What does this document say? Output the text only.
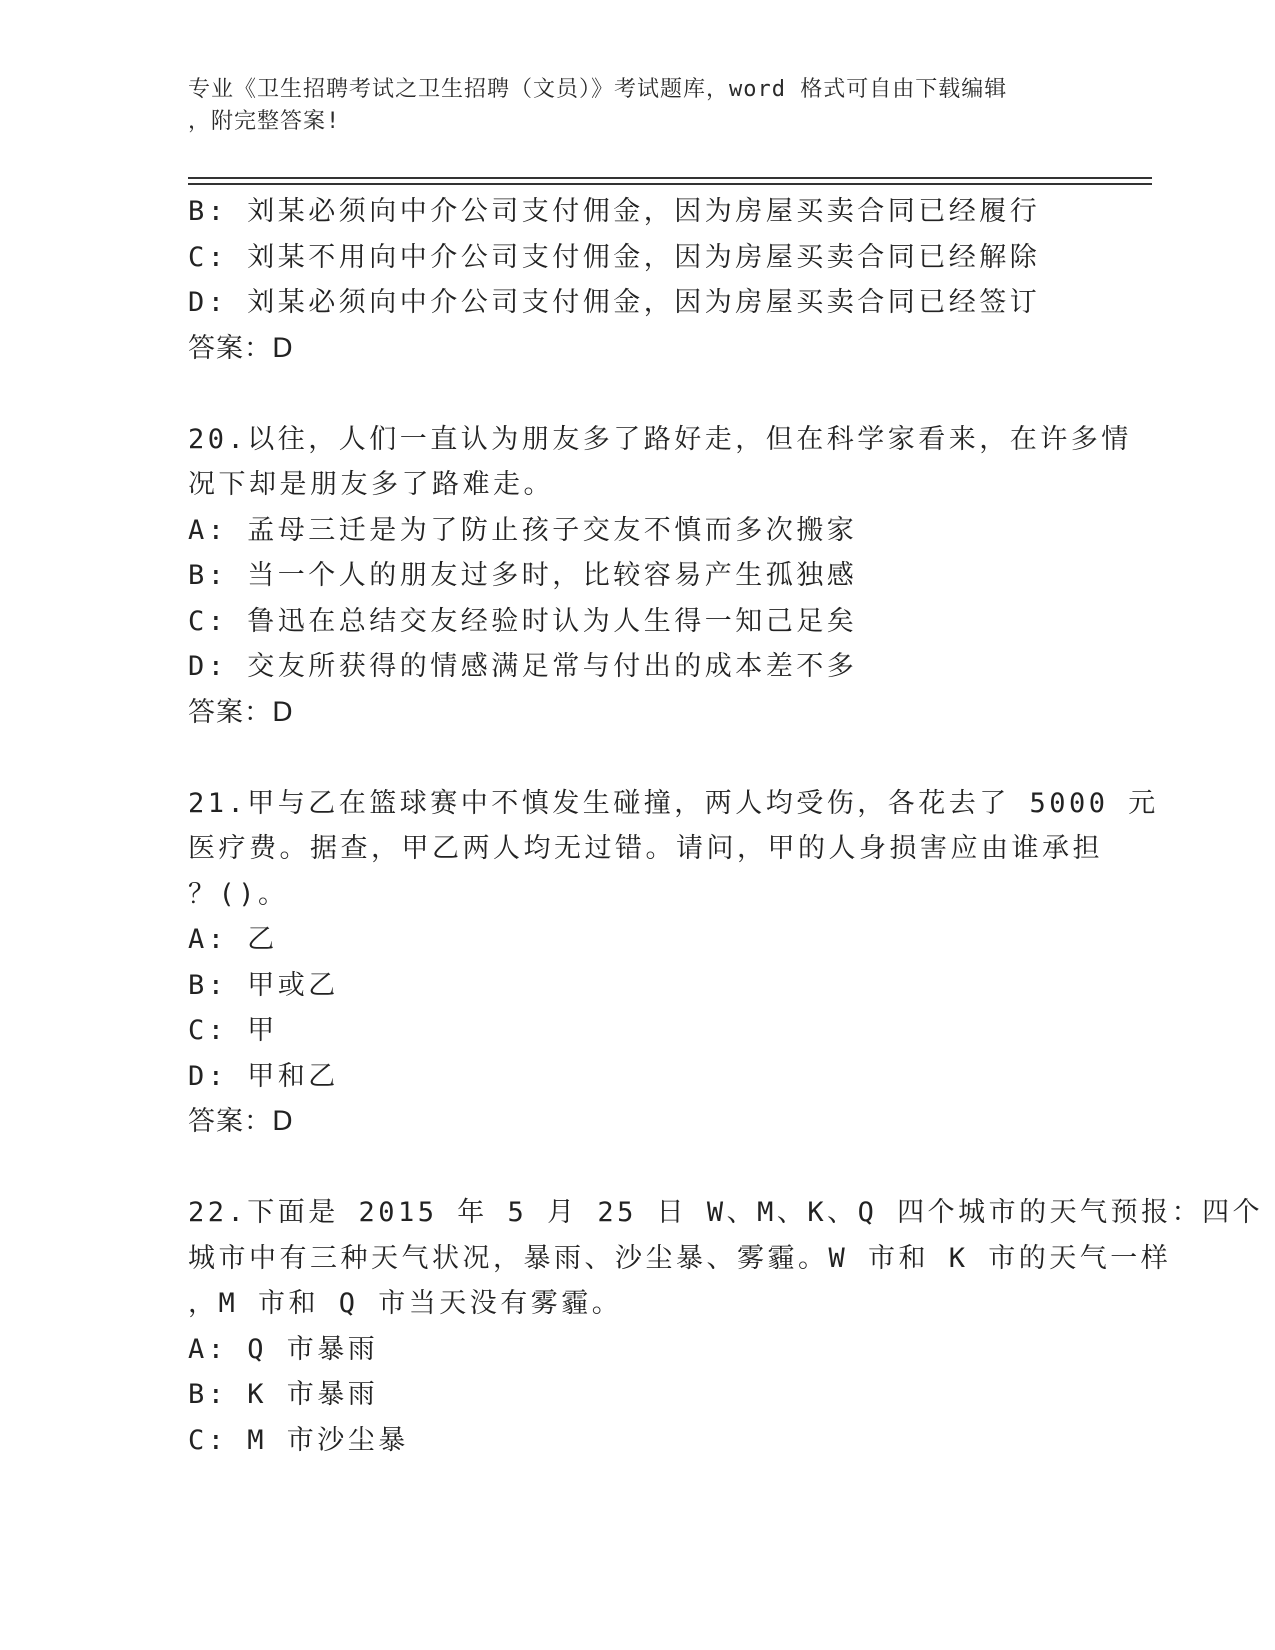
专业《卫生招聘考试之卫生招聘（文员）》考试题库，word 格式可自由下载编辑
，附完整答案!
B: 刘某必须向中介公司支付佣金，因为房屋买卖合同已经履行
C: 刘某不用向中介公司支付佣金，因为房屋买卖合同已经解除
D: 刘某必须向中介公司支付佣金，因为房屋买卖合同已经签订
答案：D
20.以往，人们一直认为朋友多了路好走，但在科学家看来，在许多情
况下却是朋友多了路难走。
A: 孟母三迁是为了防止孩子交友不慎而多次搬家
B: 当一个人的朋友过多时，比较容易产生孤独感
C: 鲁迅在总结交友经验时认为人生得一知己足矣
D: 交友所获得的情感满足常与付出的成本差不多
答案：D
21.甲与乙在篮球赛中不慎发生碰撞，两人均受伤，各花去了 5000 元
医疗费。据查，甲乙两人均无过错。请问，甲的人身损害应由谁承担
？()。
A: 乙
B: 甲或乙
C: 甲
D: 甲和乙
答案：D
22.下面是 2015 年 5 月 25 日 W、M、K、Q 四个城市的天气预报：四个
城市中有三种天气状况，暴雨、沙尘暴、雾霾。W 市和 K 市的天气一样
，M 市和 Q 市当天没有雾霾。
A: Q 市暴雨
B: K 市暴雨
C: M 市沙尘暴
